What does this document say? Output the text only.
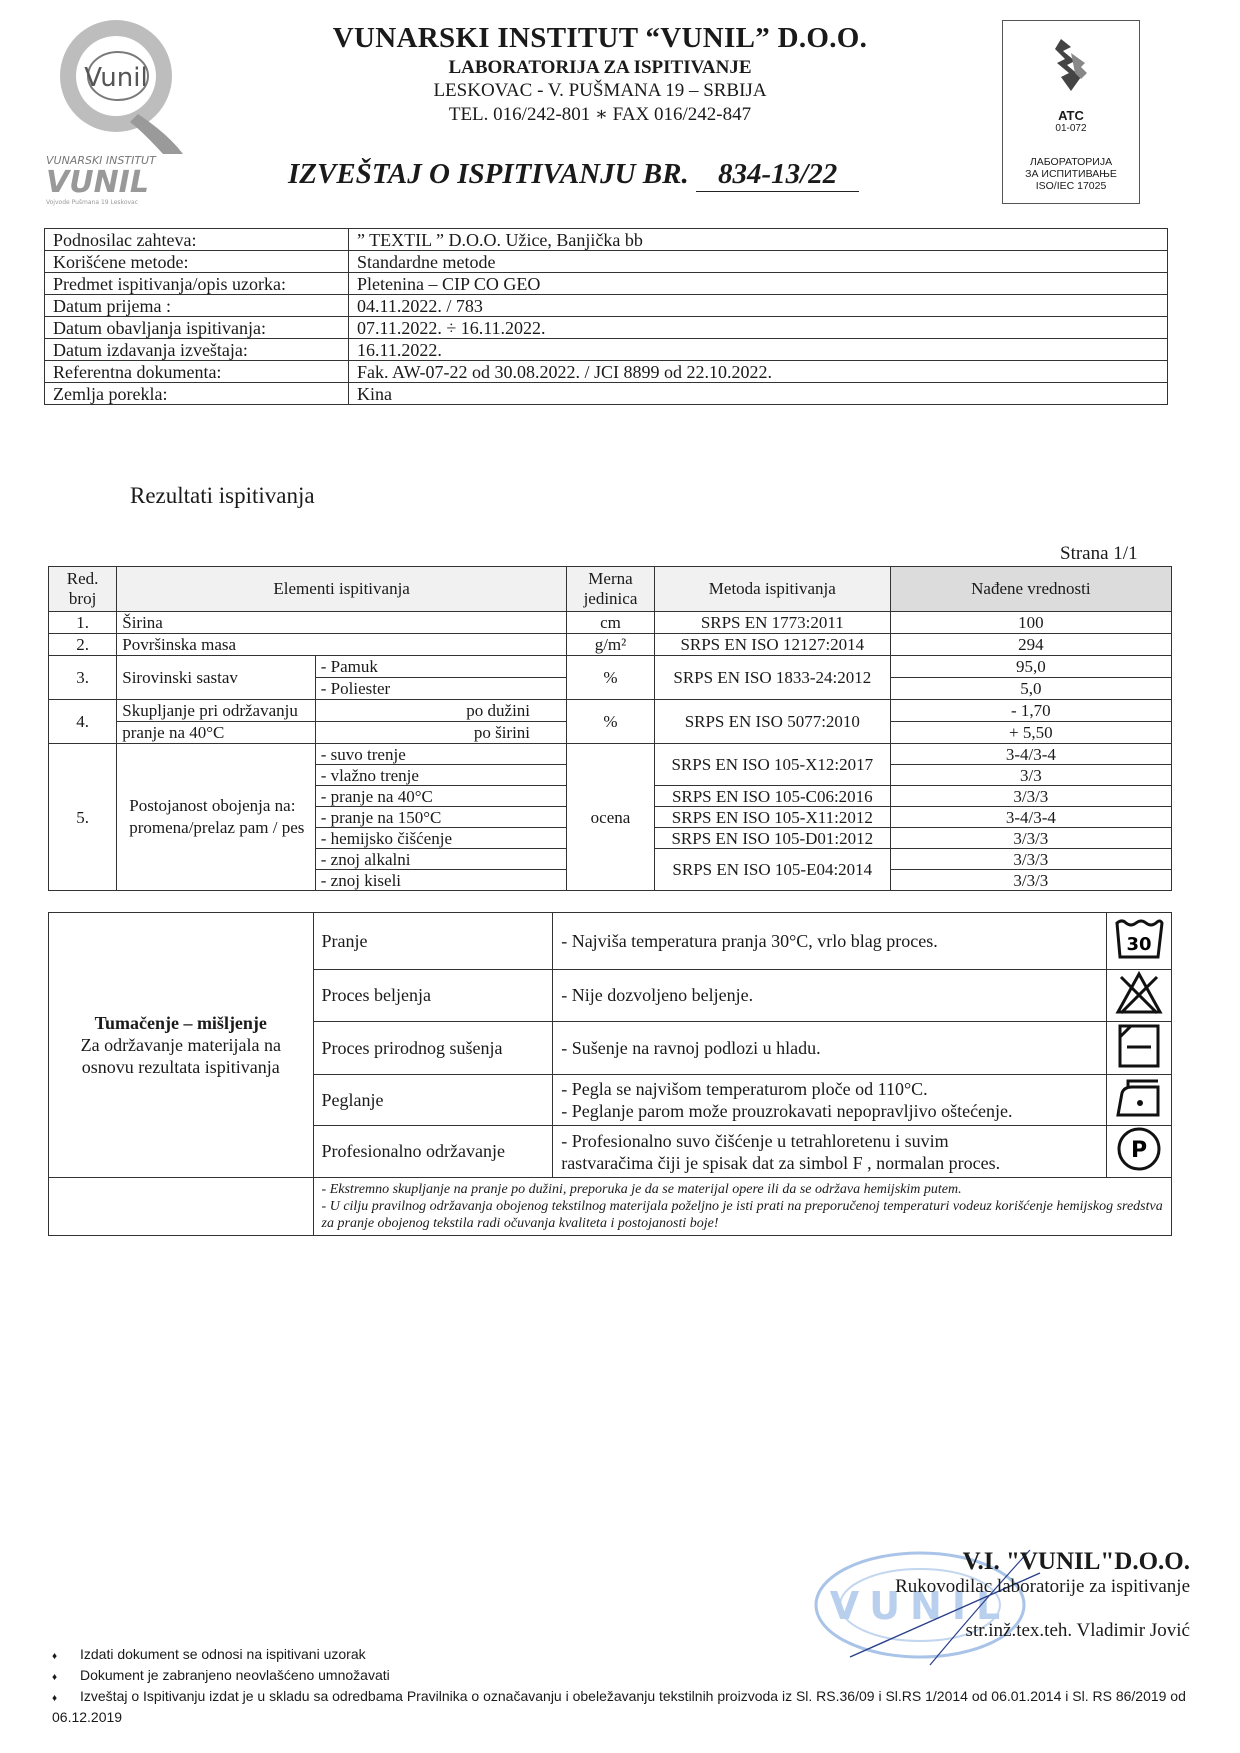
Vunil
VUNARSKI INSTITUT
VUNIL
Vojvode Pušmana 19 Leskovac
VUNARSKI INSTITUT “VUNIL” D.O.O.
LABORATORIJA ZA ISPITIVANJE
LESKOVAC - V. PUŠMANA 19 – SRBIJA
TEL. 016/242-801 ∗ FAX 016/242-847
IZVEŠTAJ O ISPITIVANJU BR. 834-13/22
ATC
01-072
ЛАБОРАТОРИЈА
ЗА ИСПИТИВАЊЕ
ISO/IEC 17025
Podnosilac zahteva:	” TEXTIL ” D.O.O. Užice, Banjička bb
Korišćene metode:	Standardne metode
Predmet ispitivanja/opis uzorka:	Pletenina – CIP CO GEO
Datum prijema :	04.11.2022. / 783
Datum obavljanja ispitivanja:	07.11.2022. ÷ 16.11.2022.
Datum izdavanja izveštaja:	16.11.2022.
Referentna dokumenta:	Fak. AW-07-22 od 30.08.2022. / JCI 8899 od 22.10.2022.
Zemlja porekla:	Kina
Rezultati ispitivanja
Strana 1/1
Red. broj	Elementi ispitivanja		Merna jedinica	Metoda ispitivanja	Nađene vrednosti
1.	Širina		cm	SRPS EN 1773:2011	100
2.	Površinska masa		g/m²	SRPS EN ISO 12127:2014	294
3.	Sirovinski sastav	- Pamuk	%	SRPS EN ISO 1833-24:2012	95,0
		- Poliester			5,0
4.	Skupljanje pri održavanju	po dužini	%	SRPS EN ISO 5077:2010	- 1,70
	pranje na 40°C	po širini			+ 5,50
5.	Postojanost obojenja na: promena/prelaz pam / pes	- suvo trenje	ocena	SRPS EN ISO 105-X12:2017	3-4/3-4
		- vlažno trenje			3/3
		- pranje na 40°C		SRPS EN ISO 105-C06:2016	3/3/3
		- pranje na 150°C		SRPS EN ISO 105-X11:2012	3-4/3-4
		- hemijsko čišćenje		SRPS EN ISO 105-D01:2012	3/3/3
		- znoj alkalni		SRPS EN ISO 105-E04:2014	3/3/3
		- znoj kiseli			3/3/3
Tumačenje – mišljenje
Za održavanje materijala na osnovu rezultata ispitivanja	Pranje	- Najviša temperatura pranja 30°C, vrlo blag proces.	30

	Proces beljenja	- Nije dozvoljeno beljenje.	
	Proces prirodnog sušenja	- Sušenje na ravnoj podlozi u hladu.	
	Peglanje	- Pegla se najvišom temperaturom ploče od 110°C.
- Peglanje parom može prouzrokavati nepopravljivo oštećenje.

	Profesionalno održavanje	- Profesionalno suvo čišćenje u tetrahloretenu i suvim
rastvaračima čiji je spisak dat za simbol F , normalan proces.	P

	- Ekstremno skupljanje na pranje po dužini, preporuka je da se materijal opere ili da se održava hemijskim putem.
- U cilju pravilnog održavanja obojenog tekstilnog materijala poželjno je isti prati na preporučenoj temperaturi vodeuz korišćenje hemijskog sredstva za pranje obojenog tekstila radi očuvanja kvaliteta i postojanosti boje!		
VUNIL
V.I. "VUNIL"D.O.O.
Rukovodilac laboratorije za ispitivanje
str.inž.tex.teh. Vladimir Jović
♦ Izdati dokument se odnosi na ispitivani uzorak
♦ Dokument je zabranjeno neovlašćeno umnožavati
♦ Izveštaj o Ispitivanju izdat je u skladu sa odredbama Pravilnika o označavanju i obeležavanju tekstilnih proizvoda iz Sl. RS.36/09 i Sl.RS 1/2014 od 06.01.2014 i Sl. RS 86/2019 od 06.12.2019
